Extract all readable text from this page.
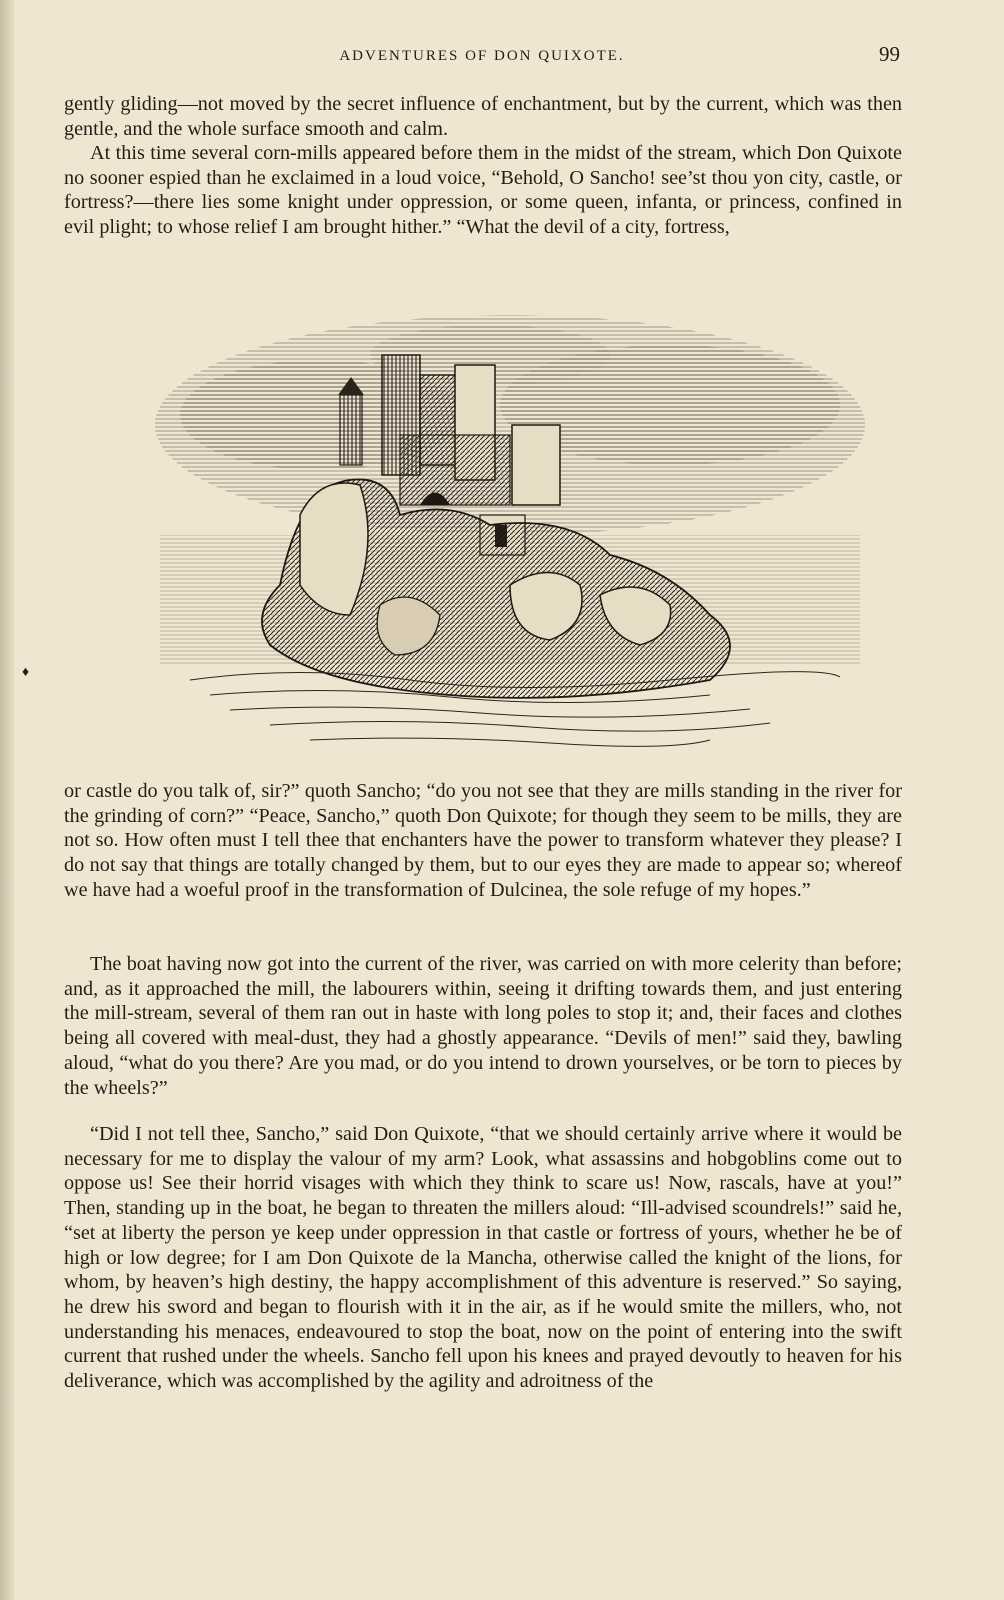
ADVENTURES OF DON QUIXOTE.	99

gently gliding—not moved by the secret influence of enchantment, but by the current, which was then gentle, and the whole surface smooth and calm.

At this time several corn-mills appeared before them in the midst of the stream, which Don Quixote no sooner espied than he exclaimed in a loud voice, “Behold, O Sancho! see’st thou yon city, castle, or fortress?—there lies some knight under oppression, or some queen, infanta, or princess, confined in evil plight; to whose relief I am brought hither.” “What the devil of a city, fortress,

or castle do you talk of, sir?” quoth Sancho; “do you not see that they are mills standing in the river for the grinding of corn?” “Peace, Sancho,” quoth Don Quixote; for though they seem to be mills, they are not so. How often must I tell thee that enchanters have the power to transform whatever they please? I do not say that things are totally changed by them, but to our eyes they are made to appear so; whereof we have had a woeful proof in the transformation of Dulcinea, the sole refuge of my hopes.”

The boat having now got into the current of the river, was carried on with more celerity than before; and, as it approached the mill, the labourers within, seeing it drifting towards them, and just entering the mill-stream, several of them ran out in haste with long poles to stop it; and, their faces and clothes being all covered with meal-dust, they had a ghostly appearance. “Devils of men!” said they, bawling aloud, “what do you there? Are you mad, or do you intend to drown yourselves, or be torn to pieces by the wheels?”

“Did I not tell thee, Sancho,” said Don Quixote, “that we should certainly arrive where it would be necessary for me to display the valour of my arm? Look, what assassins and hobgoblins come out to oppose us! See their horrid visages with which they think to scare us! Now, rascals, have at you!” Then, standing up in the boat, he began to threaten the millers aloud: “Ill-advised scoundrels!” said he, “set at liberty the person ye keep under oppression in that castle or fortress of yours, whether he be of high or low degree; for I am Don Quixote de la Mancha, otherwise called the knight of the lions, for whom, by heaven’s high destiny, the happy accomplishment of this adventure is reserved.” So saying, he drew his sword and began to flourish with it in the air, as if he would smite the millers, who, not understanding his menaces, endeavoured to stop the boat, now on the point of entering into the swift current that rushed under the wheels. Sancho fell upon his knees and prayed devoutly to heaven for his deliverance, which was accomplished by the agility and adroitness of the

♦
